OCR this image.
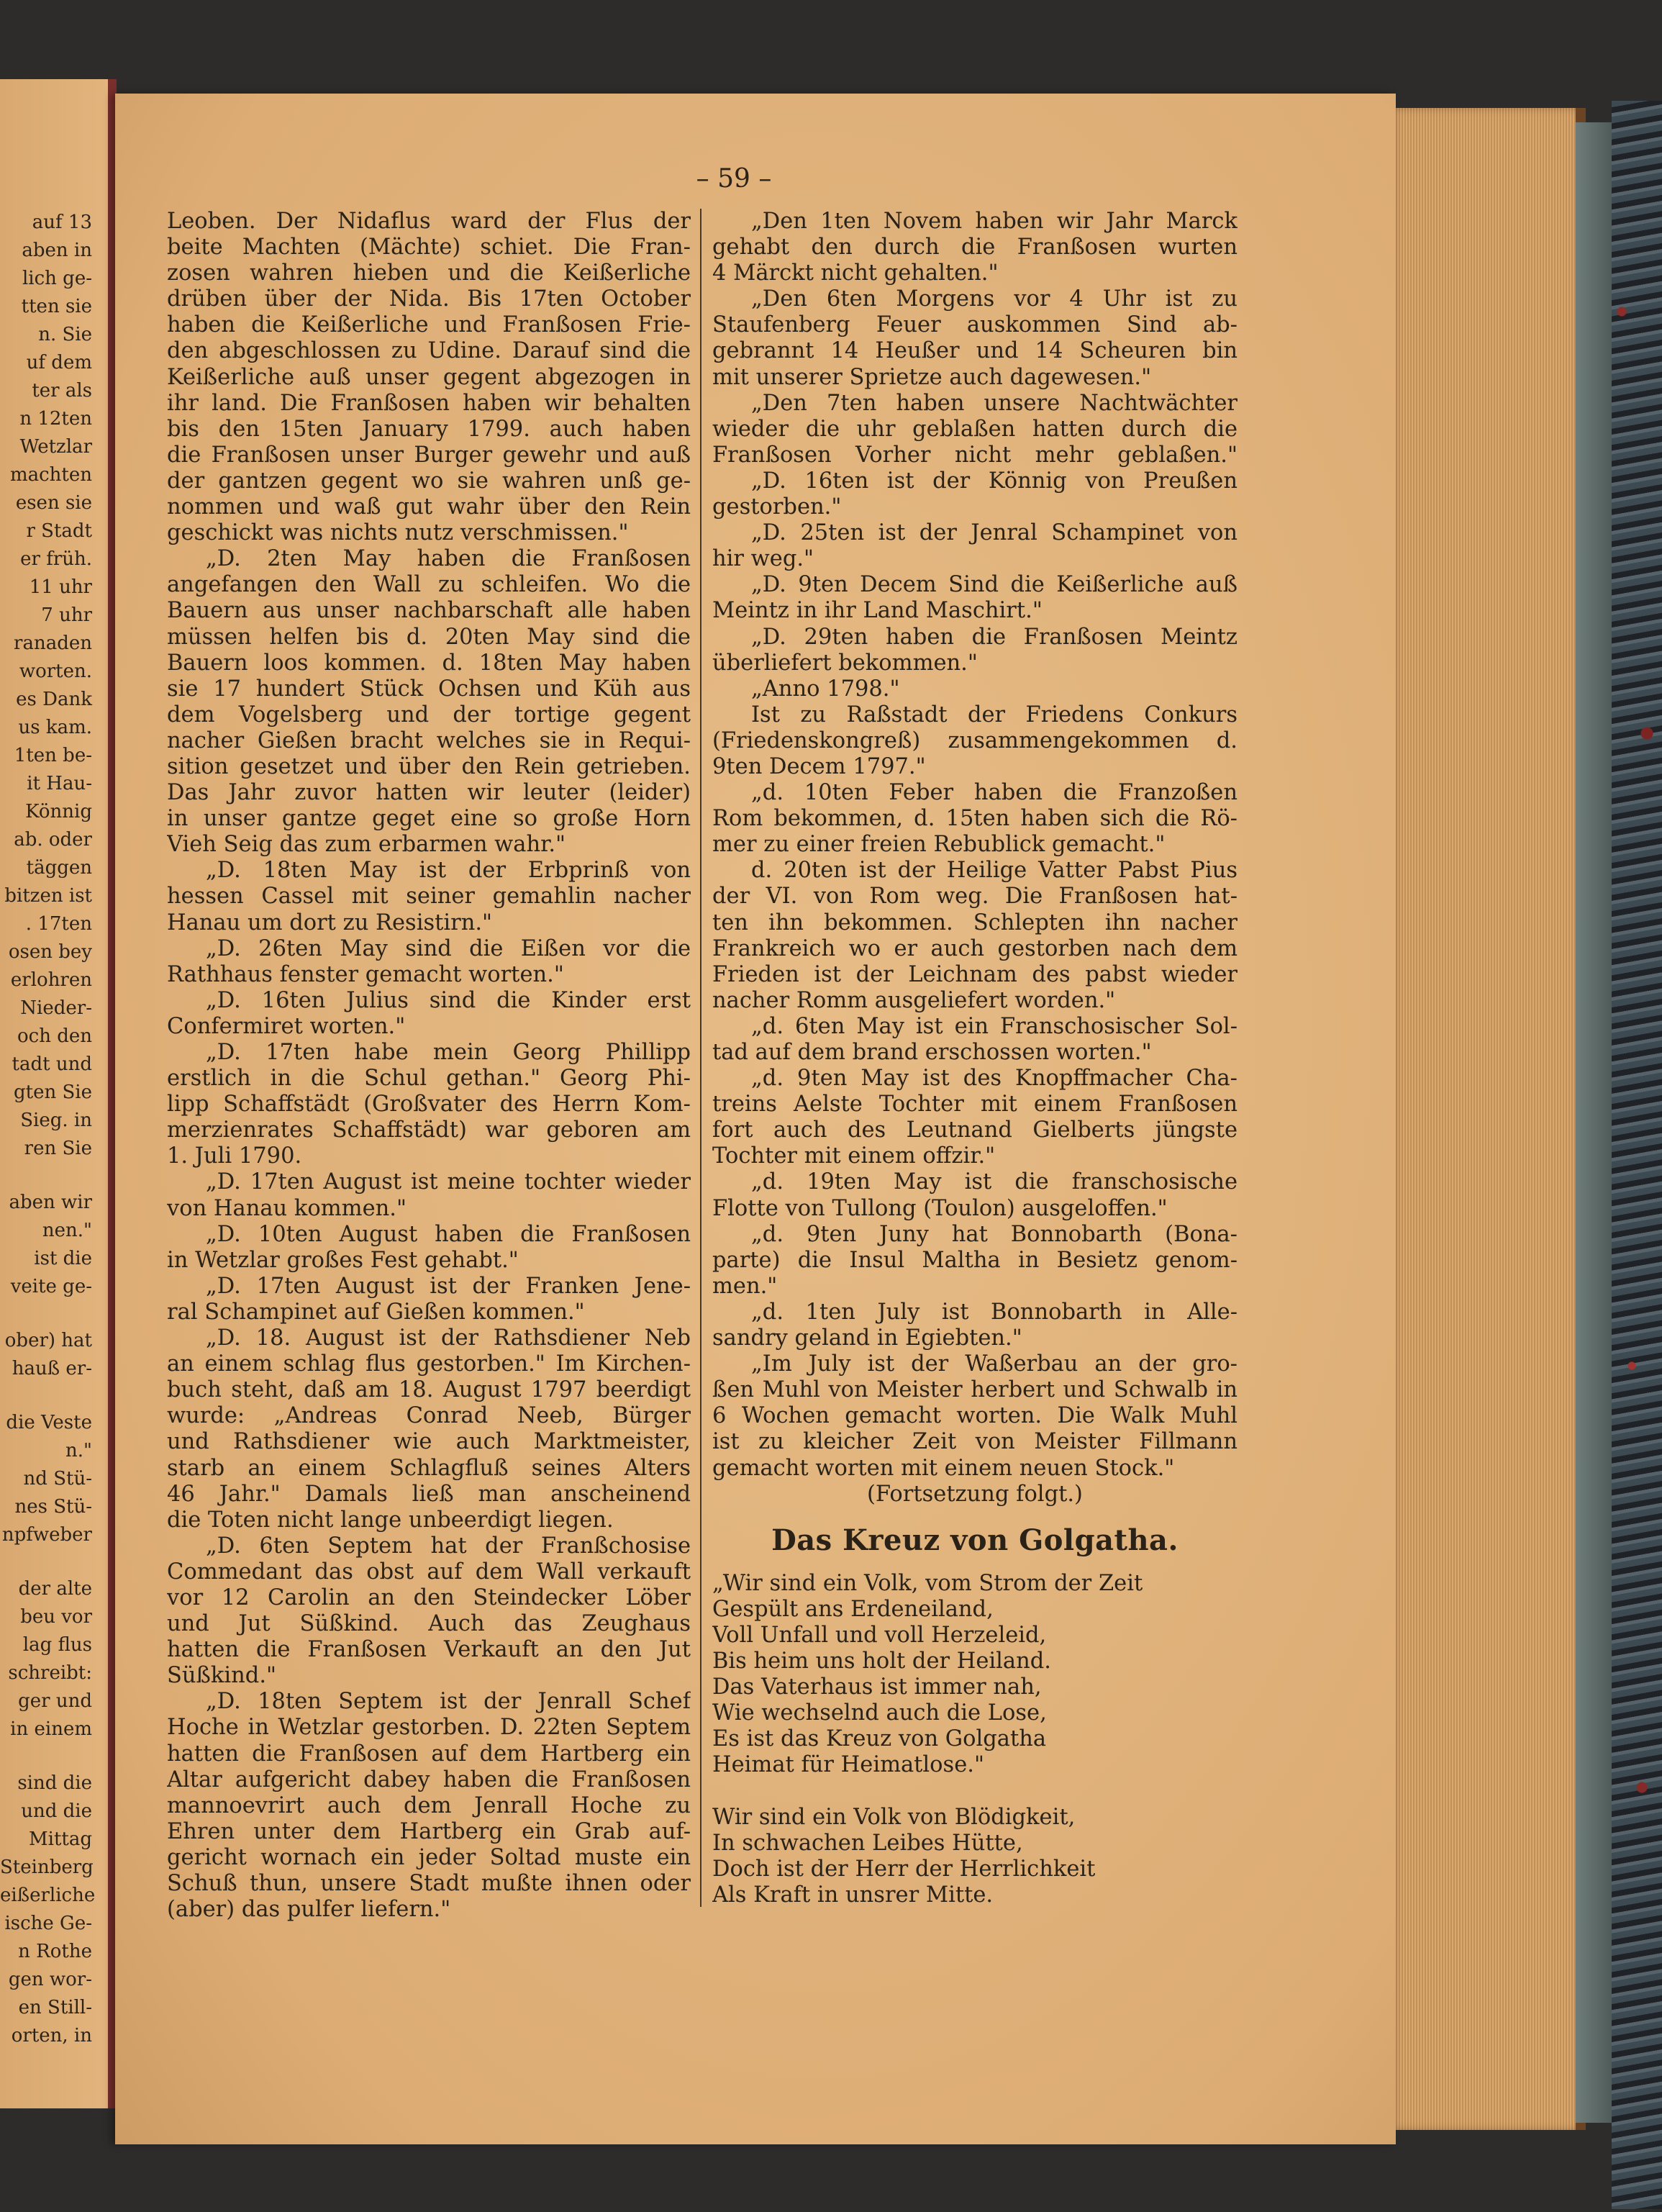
auf 13
aben in
lich ge-
tten sie
n. Sie
uf dem
ter als
n 12ten
Wetzlar
machten
esen sie
r Stadt
er früh.
11 uhr
7 uhr
ranaden
worten.
es Dank
us kam.
1ten be-
it Hau-
Könnig
ab. oder
täggen
bitzen ist
. 17ten
osen bey
erlohren
Nieder-
och den
tadt und
gten Sie
Sieg. in
ren Sie
aben wir
nen."
ist die
veite ge-
ober) hat
hauß er-
die Veste
n."
nd Stü-
nes Stü-
npfweber
der alte
beu vor
lag flus
schreibt:
ger und
in einem
sind die
und die
Mittag
Steinberg
eißerliche
ische Ge-
n Rothe
gen wor-
en Still-
orten, in
– 59 –
Leoben. Der Nidaflus ward der Flus der
beite Machten (Mächte) schiet. Die Fran-
zosen wahren hieben und die Keißerliche
drüben über der Nida. Bis 17ten October
haben die Keißerliche und Franßosen Frie-
den abgeschlossen zu Udine. Darauf sind die
Keißerliche auß unser gegent abgezogen in
ihr land. Die Franßosen haben wir behalten
bis den 15ten January 1799. auch haben
die Franßosen unser Burger gewehr und auß
der gantzen gegent wo sie wahren unß ge-
nommen und waß gut wahr über den Rein
geschickt was nichts nutz verschmissen."
„D. 2ten May haben die Franßosen
angefangen den Wall zu schleifen. Wo die
Bauern aus unser nachbarschaft alle haben
müssen helfen bis d. 20ten May sind die
Bauern loos kommen. d. 18ten May haben
sie 17 hundert Stück Ochsen und Küh aus
dem Vogelsberg und der tortige gegent
nacher Gießen bracht welches sie in Requi-
sition gesetzet und über den Rein getrieben.
Das Jahr zuvor hatten wir leuter (leider)
in unser gantze geget eine so große Horn
Vieh Seig das zum erbarmen wahr."
„D. 18ten May ist der Erbprinß von
hessen Cassel mit seiner gemahlin nacher
Hanau um dort zu Resistirn."
„D. 26ten May sind die Eißen vor die
Rathhaus fenster gemacht worten."
„D. 16ten Julius sind die Kinder erst
Confermiret worten."
„D. 17ten habe mein Georg Phillipp
erstlich in die Schul gethan." Georg Phi-
lipp Schaffstädt (Großvater des Herrn Kom-
merzienrates Schaffstädt) war geboren am
1. Juli 1790.
„D. 17ten August ist meine tochter wieder
von Hanau kommen."
„D. 10ten August haben die Franßosen
in Wetzlar großes Fest gehabt."
„D. 17ten August ist der Franken Jene-
ral Schampinet auf Gießen kommen."
„D. 18. August ist der Rathsdiener Neb
an einem schlag flus gestorben." Im Kirchen-
buch steht, daß am 18. August 1797 beerdigt
wurde: „Andreas Conrad Neeb, Bürger
und Rathsdiener wie auch Marktmeister,
starb an einem Schlagfluß seines Alters
46 Jahr." Damals ließ man anscheinend
die Toten nicht lange unbeerdigt liegen.
„D. 6ten Septem hat der Franßchosise
Commedant das obst auf dem Wall verkauft
vor 12 Carolin an den Steindecker Löber
und Jut Süßkind. Auch das Zeughaus
hatten die Franßosen Verkauft an den Jut
Süßkind."
„D. 18ten Septem ist der Jenrall Schef
Hoche in Wetzlar gestorben. D. 22ten Septem
hatten die Franßosen auf dem Hartberg ein
Altar aufgericht dabey haben die Franßosen
mannoevrirt auch dem Jenrall Hoche zu
Ehren unter dem Hartberg ein Grab auf-
gericht wornach ein jeder Soltad muste ein
Schuß thun, unsere Stadt mußte ihnen oder
(aber) das pulfer liefern."
„Den 1ten Novem haben wir Jahr Marck
gehabt den durch die Franßosen wurten
4 Märckt nicht gehalten."
„Den 6ten Morgens vor 4 Uhr ist zu
Staufenberg Feuer auskommen Sind ab-
gebrannt 14 Heußer und 14 Scheuren bin
mit unserer Sprietze auch dagewesen."
„Den 7ten haben unsere Nachtwächter
wieder die uhr geblaßen hatten durch die
Franßosen Vorher nicht mehr geblaßen."
„D. 16ten ist der Könnig von Preußen
gestorben."
„D. 25ten ist der Jenral Schampinet von
hir weg."
„D. 9ten Decem Sind die Keißerliche auß
Meintz in ihr Land Maschirt."
„D. 29ten haben die Franßosen Meintz
überliefert bekommen."
„Anno 1798."
Ist zu Raßstadt der Friedens Conkurs
(Friedenskongreß) zusammengekommen d.
9ten Decem 1797."
„d. 10ten Feber haben die Franzoßen
Rom bekommen, d. 15ten haben sich die Rö-
mer zu einer freien Rebublick gemacht."
d. 20ten ist der Heilige Vatter Pabst Pius
der VI. von Rom weg. Die Franßosen hat-
ten ihn bekommen. Schlepten ihn nacher
Frankreich wo er auch gestorben nach dem
Frieden ist der Leichnam des pabst wieder
nacher Romm ausgeliefert worden."
„d. 6ten May ist ein Franschosischer Sol-
tad auf dem brand erschossen worten."
„d. 9ten May ist des Knopffmacher Cha-
treins Aelste Tochter mit einem Franßosen
fort auch des Leutnand Gielberts jüngste
Tochter mit einem offzir."
„d. 19ten May ist die franschosische
Flotte von Tullong (Toulon) ausgeloffen."
„d. 9ten Juny hat Bonnobarth (Bona-
parte) die Insul Maltha in Besietz genom-
men."
„d. 1ten July ist Bonnobarth in Alle-
sandry geland in Egiebten."
„Im July ist der Waßerbau an der gro-
ßen Muhl von Meister herbert und Schwalb in
6 Wochen gemacht worten. Die Walk Muhl
ist zu kleicher Zeit von Meister Fillmann
gemacht worten mit einem neuen Stock."
(Fortsetzung folgt.)
Das Kreuz von Golgatha.
„Wir sind ein Volk, vom Strom der Zeit
Gespült ans Erdeneiland,
Voll Unfall und voll Herzeleid,
Bis heim uns holt der Heiland.
Das Vaterhaus ist immer nah,
Wie wechselnd auch die Lose,
Es ist das Kreuz von Golgatha
Heimat für Heimatlose."
Wir sind ein Volk von Blödigkeit,
In schwachen Leibes Hütte,
Doch ist der Herr der Herrlichkeit
Als Kraft in unsrer Mitte.
